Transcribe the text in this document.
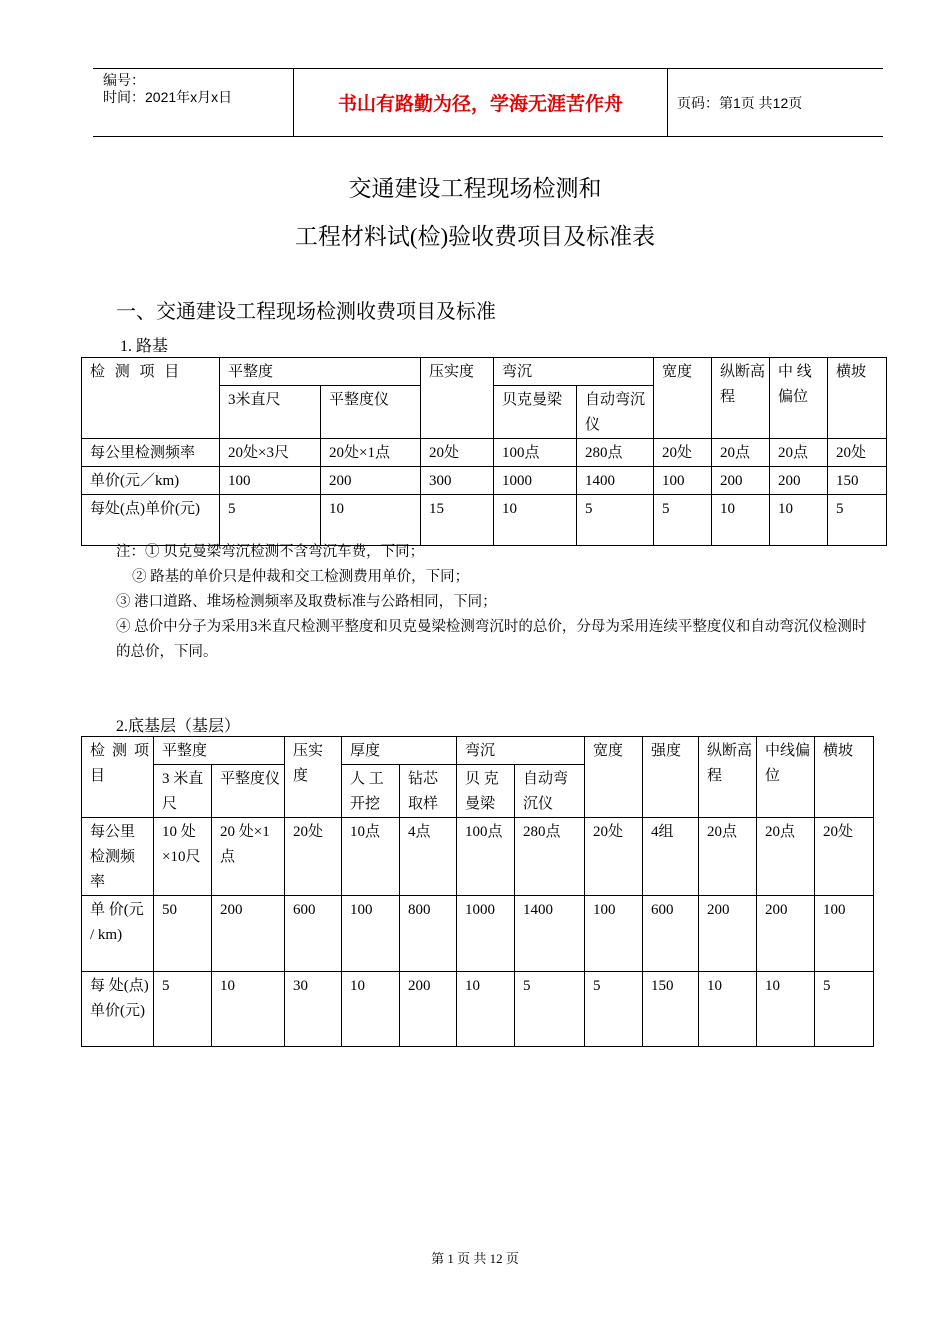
编号：
时间：2021年x月x日	书山有路勤为径，学海无涯苦作舟	页码：第1页 共12页
交通建设工程现场检测和
工程材料试(检)验收费项目及标准表
一、交通建设工程现场检测收费项目及标准
1. 路基
检 测 项 目	平整度		压实度	弯沉		宽度	纵断高程	中 线偏位	横坡
	3米直尺	平整度仪		贝克曼梁	自动弯沉仪				
每公里检测频率	20处×3尺	20处×1点	20处	100点	280点	20处	20点	20点	20处
单价(元／km)	100	200	300	1000	1400	100	200	200	150
每处(点)单价(元)	5	10	15	10	5	5	10	10	5
注：① 贝克曼梁弯沉检测不含弯沉车费，下同；
② 路基的单价只是仲裁和交工检测费用单价，下同；
③ 港口道路、堆场检测频率及取费标准与公路相同，下同；
④ 总价中分子为采用3米直尺检测平整度和贝克曼梁检测弯沉时的总价，分母为采用连续平整度仪和自动弯沉仪检测时的总价，下同。
2.底基层（基层）
检 测 项 目	平整度		压实度	厚度		弯沉		宽度	强度	纵断高程	中线偏位	横坡
	3 米直尺	平整度仪		人 工开挖	钻芯取样	贝 克曼梁	自动弯沉仪					
每公里检测频率	10 处×10尺	20 处×1点	20处	10点	4点	100点	280点	20处	4组	20点	20点	20处
单 价(元 / km)	50	200	600	100	800	1000	1400	100	600	200	200	100
每 处(点)单价(元)	5	10	30	10	200	10	5	5	150	10	10	5
第 1 页 共 12 页
